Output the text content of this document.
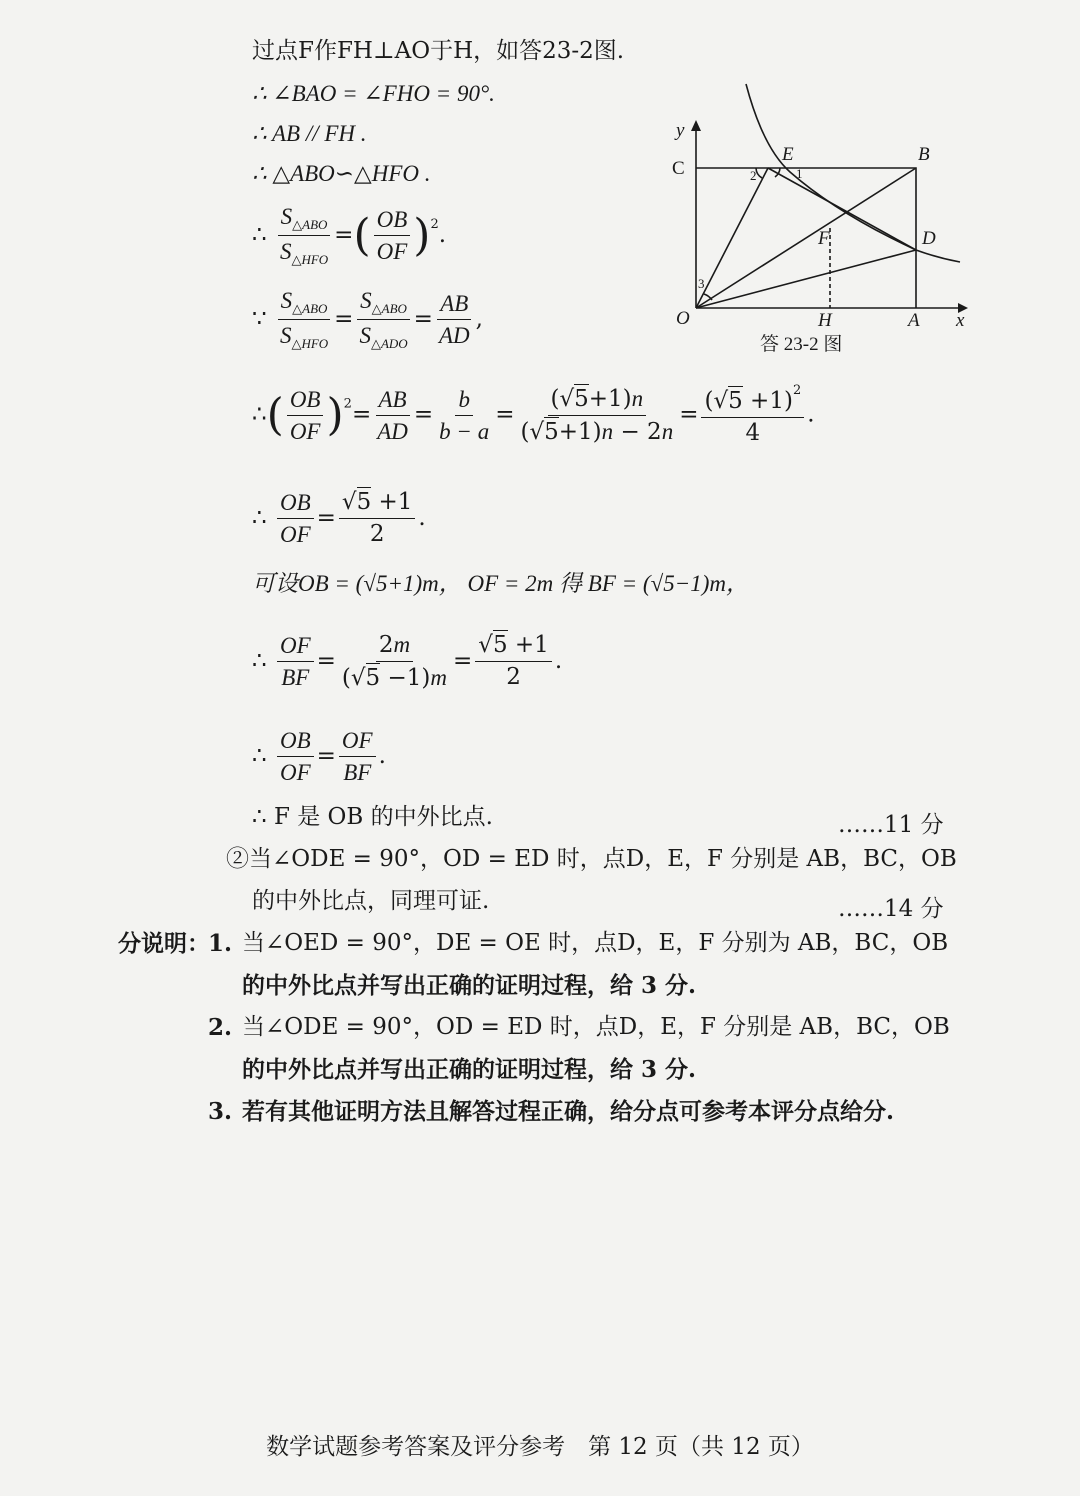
过点F作FH⊥AO于H，如答23-2图.
∴ ∠BAO = ∠FHO = 90°.
∴ AB // FH .
∴ △ABO∽△HFO .
∴ $\frac{S_{\triangle ABO}}{S_{\triangle HFO}}$ =( $\frac{OB}{OF} )^2$.
∵ $\frac{S_{\triangle ABO}}{S_{\triangle HFO}} = \frac{S_{\triangle ABO}}{S_{\triangle ADO}} = \frac{AB}{AD}$ ,
∴( $\frac{OB}{OF} )^2= \frac{AB}{AD} = \frac{b}{b - a} = \frac{(√5+1)n}{(√5+1)n - 2n} = \frac{(√5 +1)^2}{4}$ .
∴ $\frac{OB}{OF} = \frac{√5 +1}{2}$ .
可设OB = (√5+1)m， OF = 2m 得 BF = (√5−1)m，
∴ $\frac{OF}{BF} = \frac{2m}{(√5 -1)m} = \frac{√5 +1}{2}$ .
∴ $\frac{OB}{OF} = \frac{OF}{BF}$ .
∴ F 是 OB 的中外比点.	……11 分
②当∠ODE = 90°，OD = ED 时，点D，E，F 分别是 AB，BC，OB
的中外比点，同理可证.	……14 分
分说明：
1. 当∠OED = 90°，DE = OE 时，点D，E，F 分别为 AB，BC，OB
的中外比点并写出正确的证明过程，给 3 分.
2. 当∠ODE = 90°，OD = ED 时，点D，E，F 分别是 AB，BC，OB
的中外比点并写出正确的证明过程，给 3 分.
3. 若有其他证明方法且解答过程正确，给分点可参考本评分点给分.
y
x
O
C
E	B
D
F
H	A
2	1
3
答 23-2 图
数学试题参考答案及评分参考　第 12 页（共 12 页）
